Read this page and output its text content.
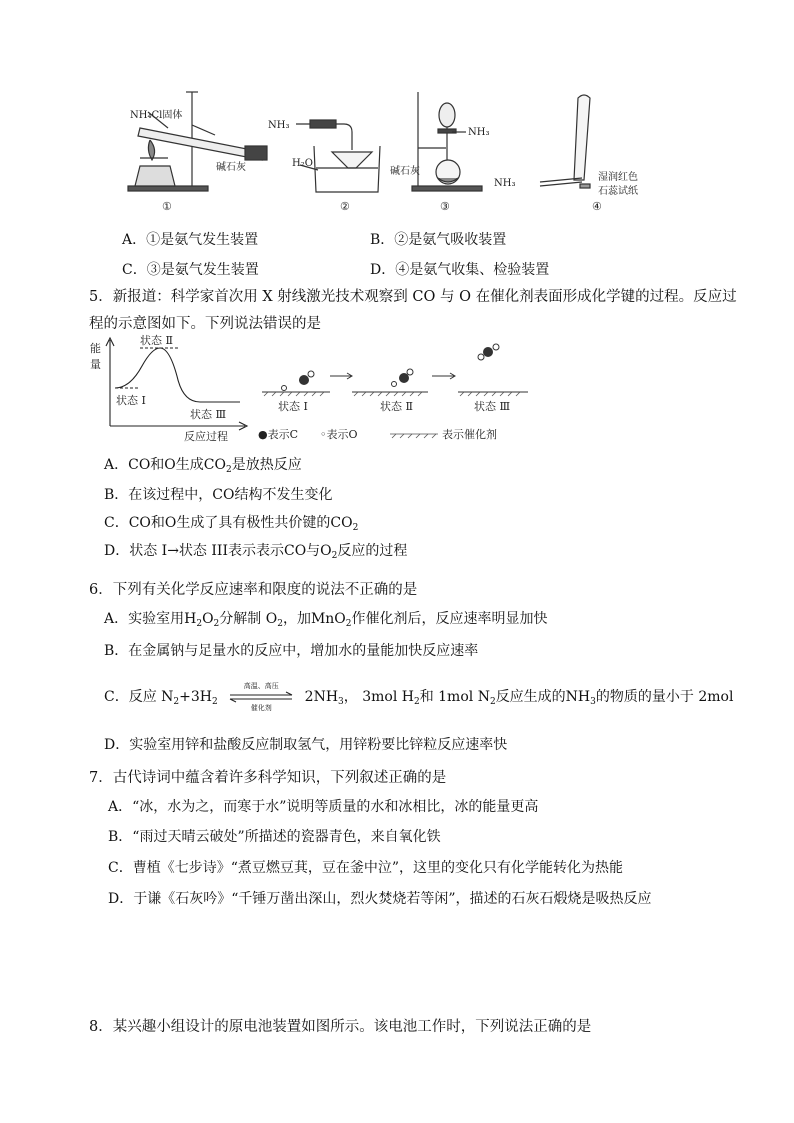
NH₄Cl固体
碱石灰
①
NH₃
H₂O
②
NH₃
碱石灰
③
NH₃
湿润红色
石蕊试纸
④
A．①是氨气发生装置	B．②是氨气吸收装置
C．③是氨气发生装置	D．④是氨气收集、检验装置
5．新报道：科学家首次用 X 射线激光技术观察到 CO 与 O 在催化剂表面形成化学键的过程。反应过
程的示意图如下。下列说法错误的是
能
量
状态 Ⅱ
状态 Ⅰ
状态 Ⅲ
反应过程
状态 Ⅰ	状态 Ⅱ	状态 Ⅲ
●表示C ◦表示O	表示催化剂
A．CO和O生成$CO_2$是放热反应
B．在该过程中，CO结构不发生变化
C．CO和O生成了具有极性共价键的$CO_2$
D．状态 I→状态 III表示表示CO与$O_2$反应的过程
6．下列有关化学反应速率和限度的说法不正确的是
A．实验室用$H_2O_2$分解制 $O_2$，加MnO$_2$作催化剂后，反应速率明显加快
B．在金属钠与足量水的反应中，增加水的量能加快反应速率
C．反应 $N_2+3H_2$
高温、高压
催化剂
$2NH_3$， 3mol $H_2$和 1mol $N_2$反应生成的$NH_3$的物质的量小于 2mol
D．实验室用锌和盐酸反应制取氢气，用锌粉要比锌粒反应速率快
7．古代诗词中蕴含着许多科学知识，下列叙述正确的是
A．“冰，水为之，而寒于水”说明等质量的水和冰相比，冰的能量更高
B．“雨过天晴云破处”所描述的瓷器青色，来自氧化铁
C．曹植《七步诗》“煮豆燃豆萁，豆在釜中泣”，这里的变化只有化学能转化为热能
D．于谦《石灰吟》“千锤万凿出深山，烈火焚烧若等闲”，描述的石灰石煅烧是吸热反应
8．某兴趣小组设计的原电池装置如图所示。该电池工作时，下列说法正确的是
